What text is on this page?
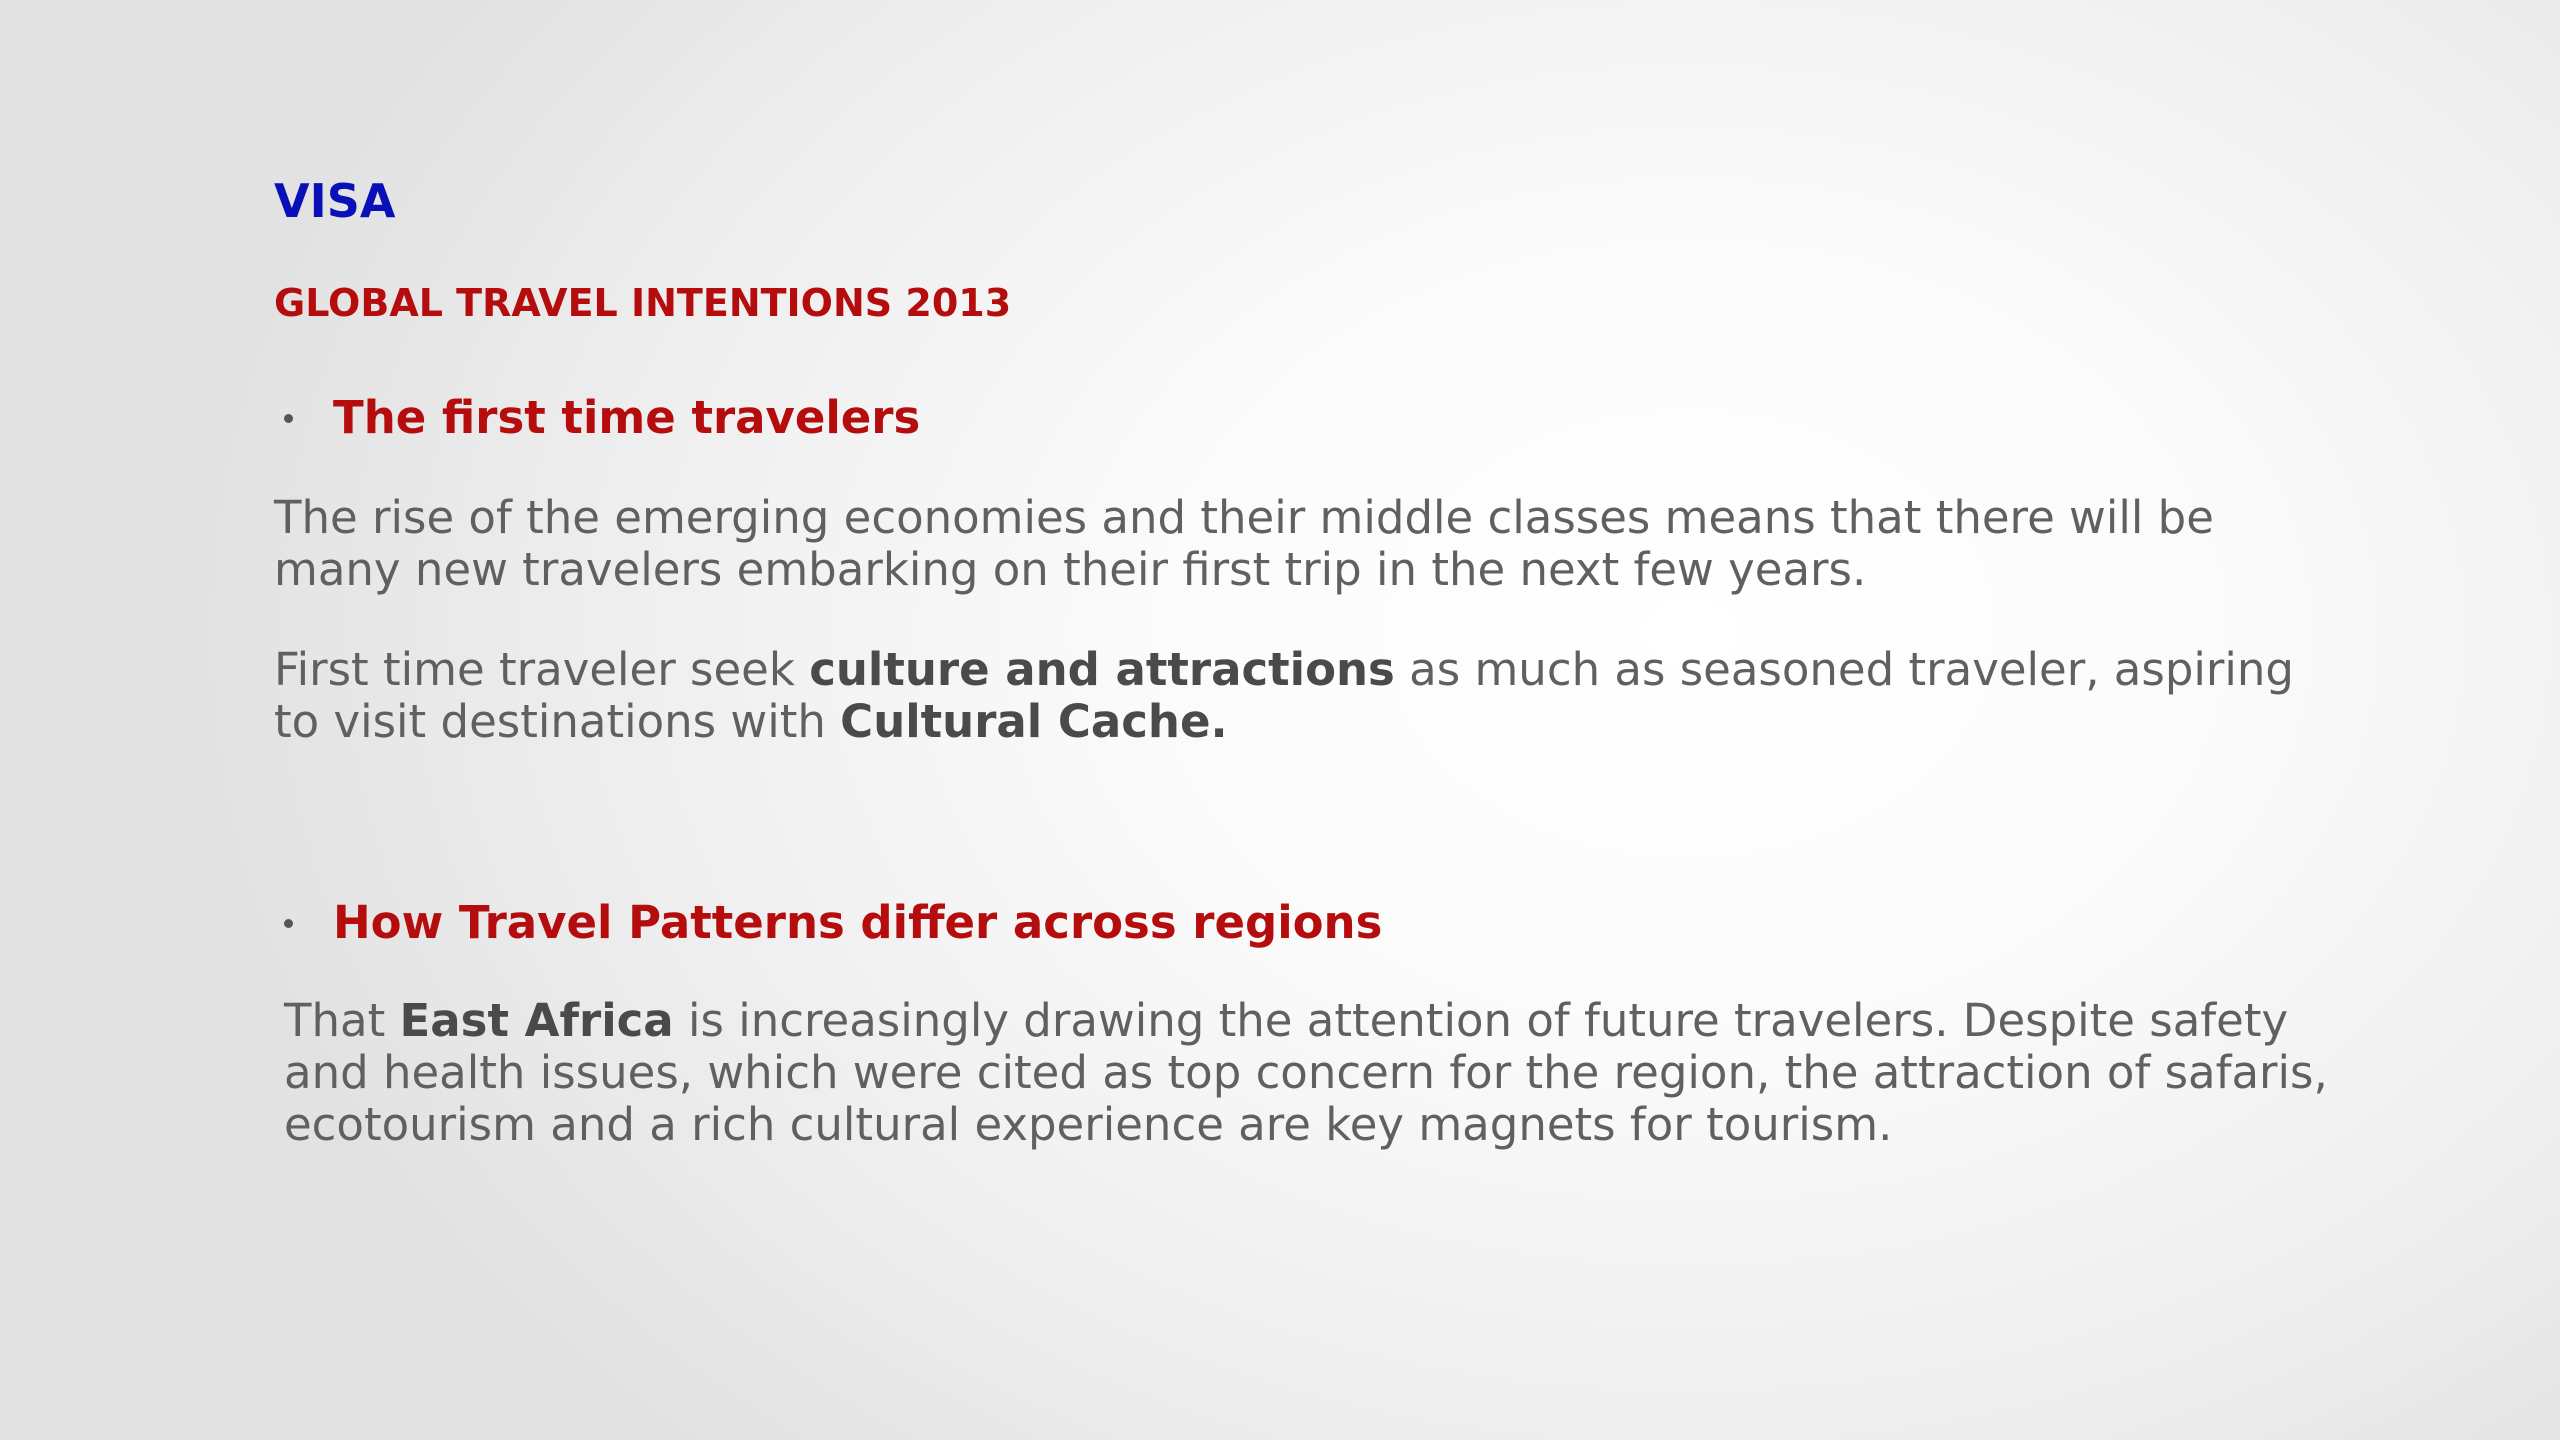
VISA
GLOBAL TRAVEL INTENTIONS 2013
The first time travelers
The rise of the emerging economies and their middle classes means that there will be many new travelers embarking on their first trip in the next few years.
First time traveler seek culture and attractions as much as seasoned traveler, aspiring to visit destinations with Cultural Cache.
How Travel Patterns differ across regions
That East Africa is increasingly drawing the attention of future travelers. Despite safety and health issues, which were cited as top concern for the region, the attraction of safaris, ecotourism and a rich cultural experience are key magnets for tourism.
